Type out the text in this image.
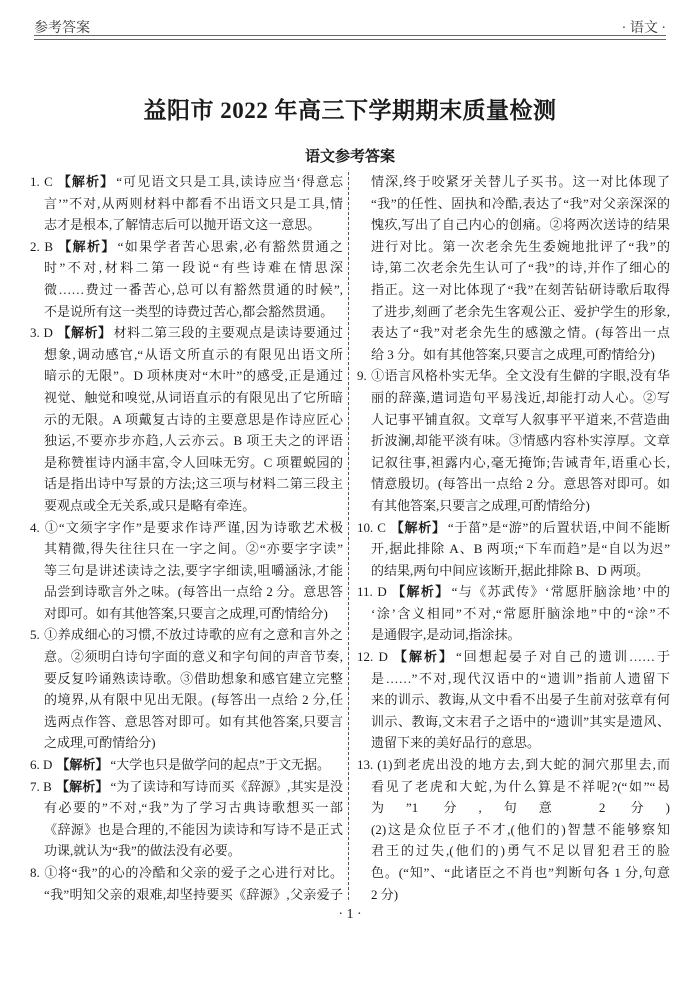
参考答案	· 语文 ·
益阳市 2022 年高三下学期期末质量检测
语文参考答案
1. C 【解析】 “可见语文只是工具,读诗应当‘得意忘
言’”不对,从两则材料中都看不出语文只是工具,情
志才是根本,了解情志后可以抛开语文这一意思。
2. B 【解析】 “如果学者苦心思索,必有豁然贯通之
时”不对,材料二第一段说“有些诗难在情思深
微……费过一番苦心,总可以有豁然贯通的时候”,
不是说所有这一类型的诗费过苦心,都会豁然贯通。
3. D 【解析】 材料二第三段的主要观点是读诗要通过
想象,调动感官,“从语文所直示的有限见出语文所
暗示的无限”。D 项林庚对“木叶”的感受,正是通过
视觉、触觉和嗅觉,从词语直示的有限见出了它所暗
示的无限。A 项戴复古诗的主要意思是作诗应匠心
独运,不要亦步亦趋,人云亦云。B 项王夫之的评语
是称赞崔诗内涵丰富,令人回味无穷。C 项瞿蜕园的
话是指出诗中写景的方法;这三项与材料二第三段主
要观点或全无关系,或只是略有牵连。
4. ①“文须字字作”是要求作诗严谨,因为诗歌艺术极
其精微,得失往往只在一字之间。②“亦要字字读”
等三句是讲述读诗之法,要字字细读,咀嚼涵泳,才能
品尝到诗歌言外之味。(每答出一点给 2 分。意思答
对即可。如有其他答案,只要言之成理,可酌情给分)
5. ①养成细心的习惯,不放过诗歌的应有之意和言外之
意。②须明白诗句字面的意义和字句间的声音节奏,
要反复吟诵熟读诗歌。③借助想象和感官建立完整
的境界,从有限中见出无限。(每答出一点给 2 分,任
选两点作答、意思答对即可。如有其他答案,只要言
之成理,可酌情给分)
6. D 【解析】 “大学也只是做学问的起点”于文无据。
7. B 【解析】 “为了读诗和写诗而买《辞源》,其实是没
有必要的”不对,“我”为了学习古典诗歌想买一部
《辞源》也是合理的,不能因为读诗和写诗不是正式
功课,就认为“我”的做法没有必要。
8. ①将“我”的心的冷酷和父亲的爱子之心进行对比。
“我”明知父亲的艰难,却坚持要买《辞源》,父亲爱子
情深,终于咬紧牙关替儿子买书。这一对比体现了
“我”的任性、固执和冷酷,表达了“我”对父亲深深的
愧疚,写出了自己内心的创痛。②将两次送诗的结果
进行对比。第一次老余先生委婉地批评了“我”的
诗,第二次老余先生认可了“我”的诗,并作了细心的
指正。这一对比体现了“我”在刻苦钻研诗歌后取得
了进步,刻画了老余先生客观公正、爱护学生的形象,
表达了“我”对老余先生的感激之情。(每答出一点
给 3 分。如有其他答案,只要言之成理,可酌情给分)
9. ①语言风格朴实无华。全文没有生僻的字眼,没有华
丽的辞藻,遣词造句平易浅近,却能打动人心。②写
人记事平铺直叙。文章写人叙事平平道来,不营造曲
折波澜,却能平淡有味。③情感内容朴实淳厚。文章
记叙往事,袒露内心,毫无掩饰;告诫青年,语重心长,
情意殷切。(每答出一点给 2 分。意思答对即可。如
有其他答案,只要言之成理,可酌情给分)
10. C 【解析】 “于菑”是“游”的后置状语,中间不能断
开,据此排除 A、B 两项;“下车而趋”是“自以为迟”
的结果,两句中间应该断开,据此排除 B、D 两项。
11. D 【解析】 “与《苏武传》‘常愿肝脑涂地’中的
‘涂’含义相同”不对,“常愿肝脑涂地”中的“涂”不
是通假字,是动词,指涂抹。
12. D 【解析】 “回想起晏子对自己的遗训……于
是……”不对,现代汉语中的“遗训”指前人遗留下
来的训示、教诲,从文中看不出晏子生前对弦章有何
训示、教诲,文末君子之语中的“遗训”其实是遗风、
遗留下来的美好品行的意思。
13. (1)到老虎出没的地方去,到大蛇的洞穴那里去,而
看见了老虎和大蛇,为什么算是不祥呢?(“如”“曷
为”1 分,句意 2 分)
(2)这是众位臣子不才,(他们的)智慧不能够察知
君王的过失,(他们的)勇气不足以冒犯君王的脸
色。(“知”、“此诸臣之不肖也”判断句各 1 分,句意
2 分)
· 1 ·
